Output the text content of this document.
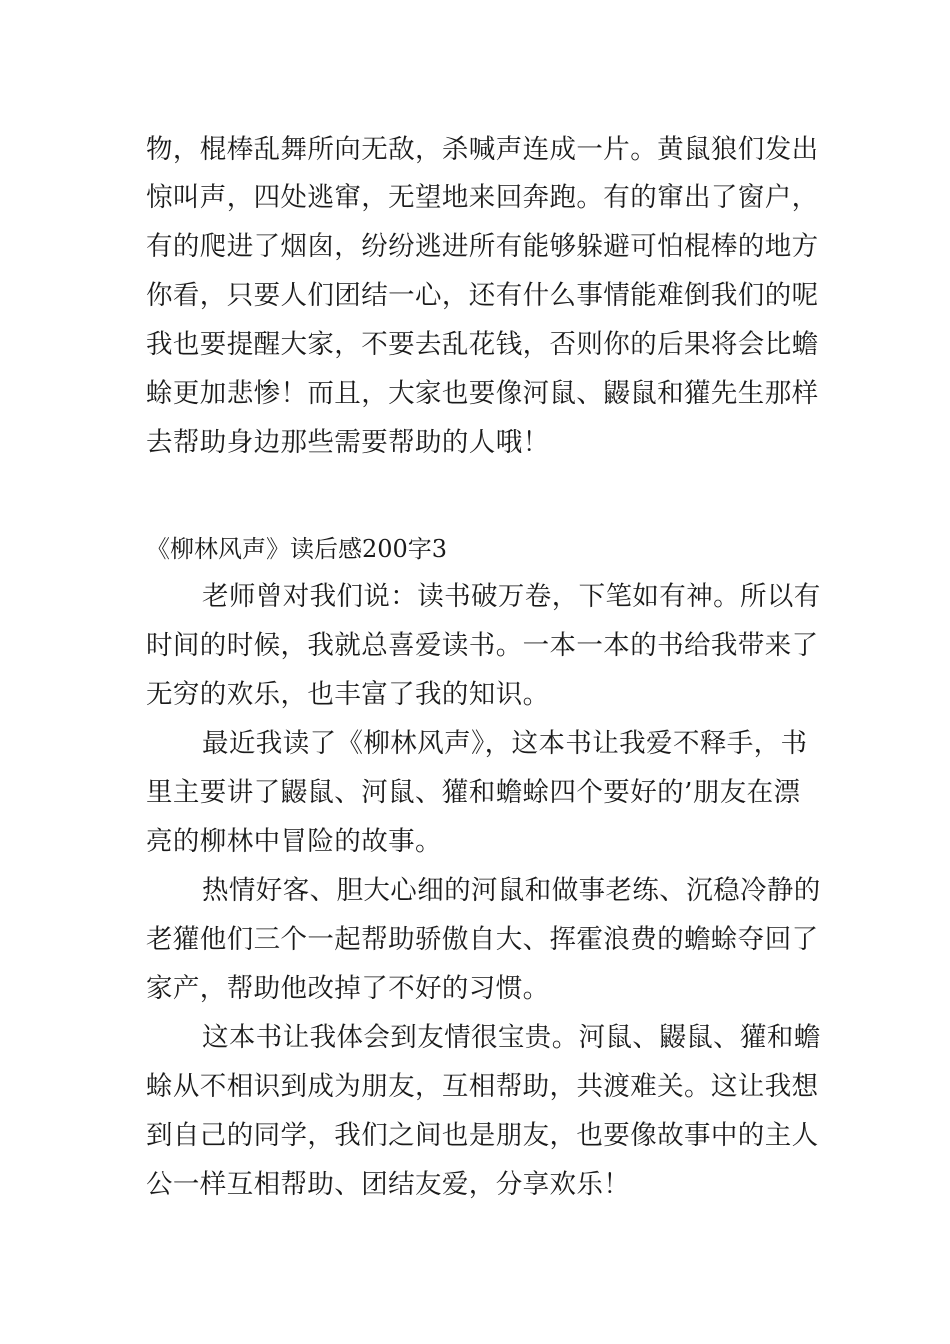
物，棍棒乱舞所向无敌，杀喊声连成一片。黄鼠狼们发出
惊叫声，四处逃窜，无望地来回奔跑。有的窜出了窗户，
有的爬进了烟囱，纷纷逃进所有能够躲避可怕棍棒的地方
你看，只要人们团结一心，还有什么事情能难倒我们的呢
我也要提醒大家，不要去乱花钱，否则你的后果将会比蟾
蜍更加悲惨！而且，大家也要像河鼠、鼹鼠和獾先生那样
去帮助身边那些需要帮助的人哦！
《柳林风声》读后感200字3
老师曾对我们说：读书破万卷，下笔如有神。所以有
时间的时候，我就总喜爱读书。一本一本的书给我带来了
无穷的欢乐，也丰富了我的知识。
最近我读了《柳林风声》，这本书让我爱不释手，书
里主要讲了鼹鼠、河鼠、獾和蟾蜍四个要好的’朋友在漂
亮的柳林中冒险的故事。
热情好客、胆大心细的河鼠和做事老练、沉稳冷静的
老獾他们三个一起帮助骄傲自大、挥霍浪费的蟾蜍夺回了
家产，帮助他改掉了不好的习惯。
这本书让我体会到友情很宝贵。河鼠、鼹鼠、獾和蟾
蜍从不相识到成为朋友，互相帮助，共渡难关。这让我想
到自己的同学，我们之间也是朋友，也要像故事中的主人
公一样互相帮助、团结友爱，分享欢乐！
